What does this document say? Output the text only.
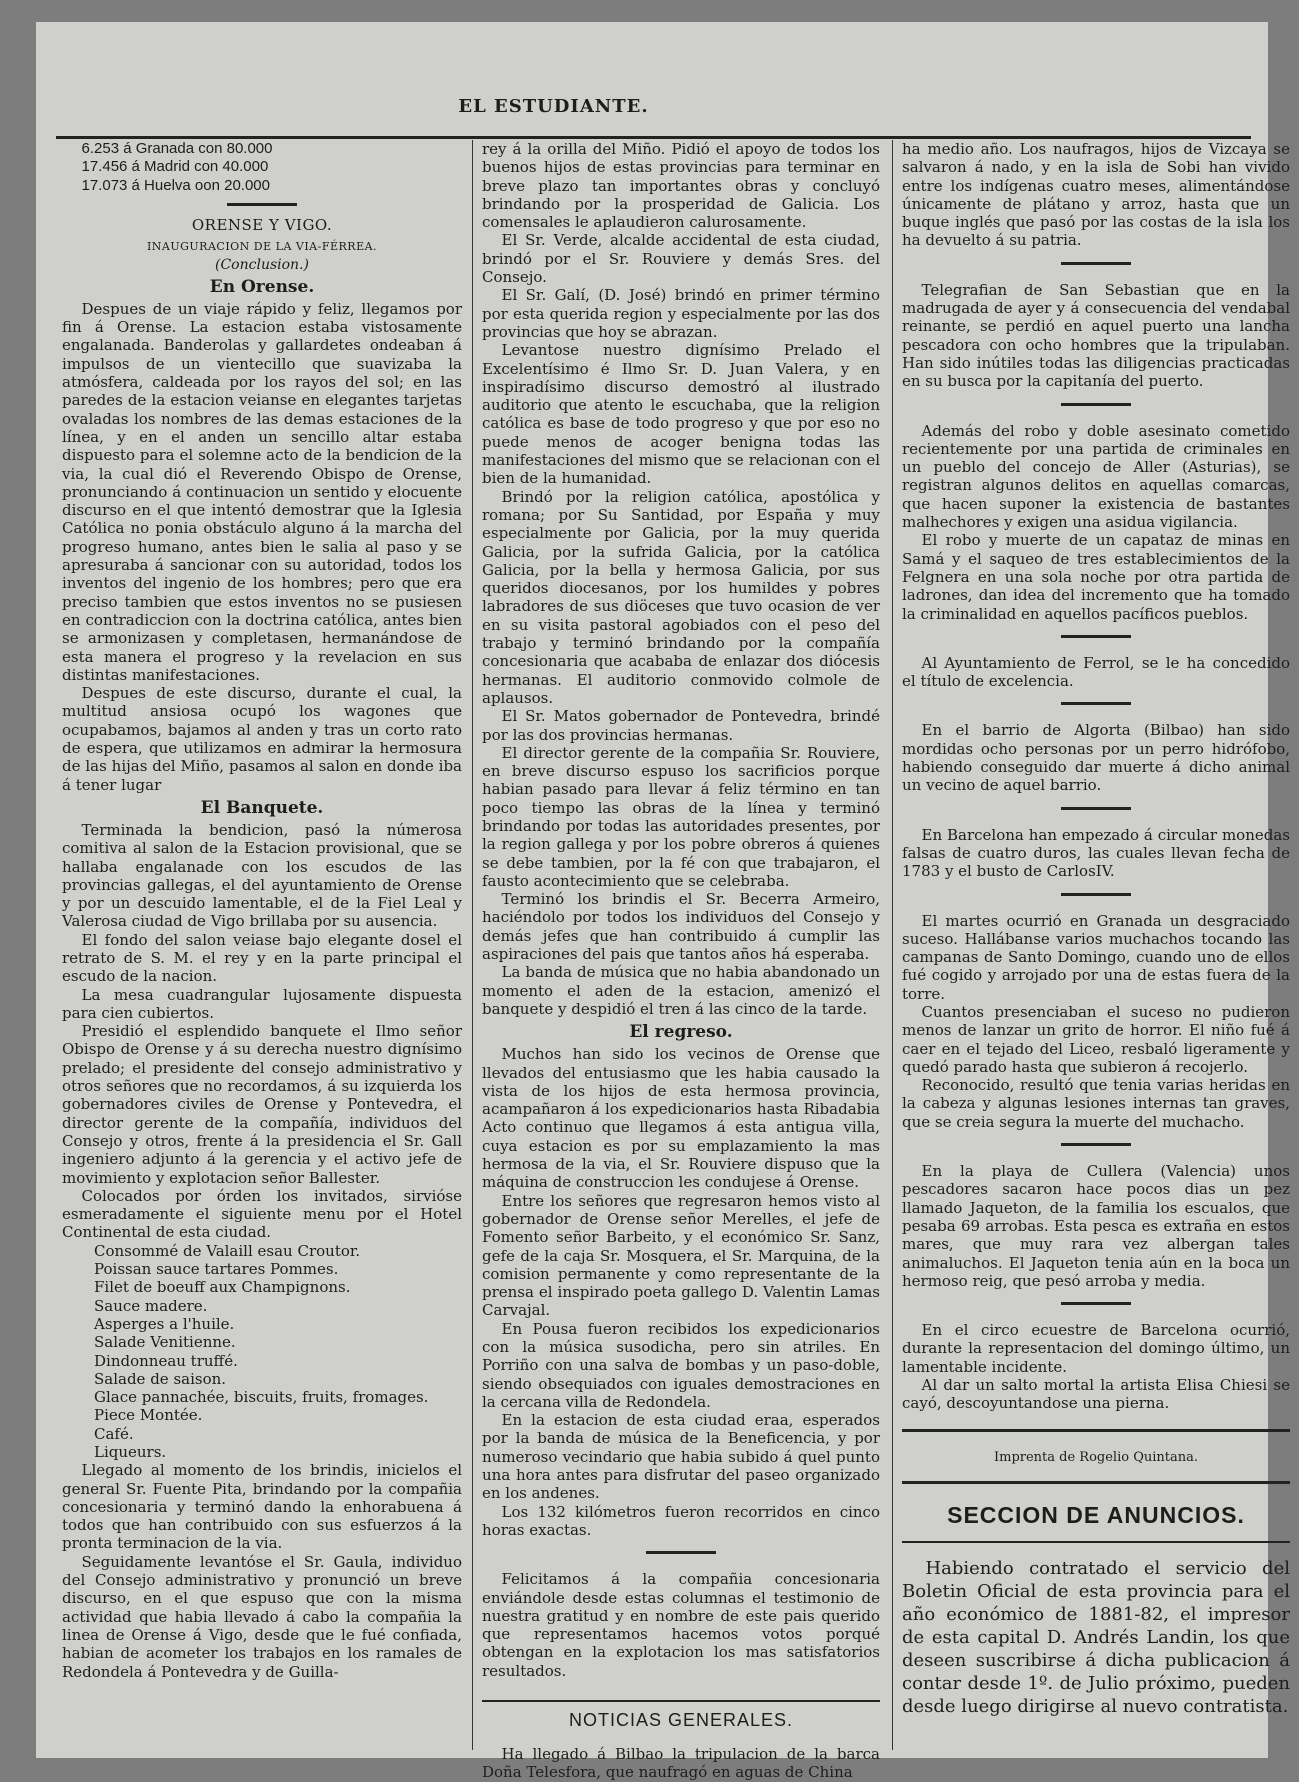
EL ESTUDIANTE.

6.253 á Granada con 80.000

17.456 á Madrid con 40.000

17.073 á Huelva oon 20.000

ORENSE Y VIGO.
INAUGURACION DE LA VIA-FÉRREA.
(Conclusion.)
En Orense.

Despues de un viaje rápido y feliz, llegamos por fin á Orense. La estacion estaba vistosamente engalanada. Banderolas y gallardetes ondeaban á impulsos de un vientecillo que suavizaba la atmósfera, caldeada por los rayos del sol; en las paredes de la estacion veianse en elegantes tarjetas ovaladas los nombres de las demas estaciones de la línea, y en el anden un sencillo altar estaba dispuesto para el solemne acto de la bendicion de la via, la cual dió el Reverendo Obispo de Orense, pronunciando á continuacion un sentido y elocuente discurso en el que intentó demostrar que la Iglesia Católica no ponia obstáculo alguno á la marcha del progreso humano, antes bien le salia al paso y se apresuraba á sancionar con su autoridad, todos los inventos del ingenio de los hombres; pero que era preciso tambien que estos inventos no se pusiesen en contradiccion con la doctrina católica, antes bien se armonizasen y completasen, hermanándose de esta manera el progreso y la revelacion en sus distintas manifestaciones.

Despues de este discurso, durante el cual, la multitud ansiosa ocupó los wagones que ocupabamos, bajamos al anden y tras un corto rato de espera, que utilizamos en admirar la hermosura de las hijas del Miño, pasamos al salon en donde iba á tener lugar

El Banquete.

Terminada la bendicion, pasó la númerosa comitiva al salon de la Estacion provisional, que se hallaba engalanade con los escudos de las provincias gallegas, el del ayuntamiento de Orense y por un descuido lamentable, el de la Fiel Leal y Valerosa ciudad de Vigo brillaba por su ausencia.

El fondo del salon veiase bajo elegante dosel el retrato de S. M. el rey y en la parte principal el escudo de la nacion.

La mesa cuadrangular lujosamente dispuesta para cien cubiertos.

Presidió el esplendido banquete el Ilmo señor Obispo de Orense y á su derecha nuestro dignísimo prelado; el presidente del consejo administrativo y otros señores que no recordamos, á su izquierda los gobernadores civiles de Orense y Pontevedra, el director gerente de la compañía, individuos del Consejo y otros, frente á la presidencia el Sr. Gall ingeniero adjunto á la gerencia y el activo jefe de movimiento y explotacion señor Ballester.

Colocados por órden los invitados, sirvióse esmeradamente el siguiente menu por el Hotel Continental de esta ciudad.

Consommé de Valaill esau Croutor.
Poissan sauce tartares Pommes.
Filet de boeuff aux Champignons.
Sauce madere.
Asperges a l'huile.
Salade Venitienne.
Dindonneau truffé.
Salade de saison.
Glace pannachée, biscuits, fruits, fromages.
Piece Montée.
Café.
Liqueurs.

Llegado al momento de los brindis, inicielos el general Sr. Fuente Pita, brindando por la compañia concesionaria y terminó dando la enhorabuena á todos que han contribuido con sus esfuerzos á la pronta terminacion de la via.

Seguidamente levantóse el Sr. Gaula, individuo del Consejo administrativo y pronunció un breve discurso, en el que espuso que con la misma actividad que habia llevado á cabo la compañia la linea de Orense á Vigo, desde que le fué confiada, habian de acometer los trabajos en los ramales de Redondela á Pontevedra y de Guilla-

rey á la orilla del Miño. Pidió el apoyo de todos los buenos hijos de estas provincias para terminar en breve plazo tan importantes obras y concluyó brindando por la prosperidad de Galicia. Los comensales le aplaudieron calurosamente.

El Sr. Verde, alcalde accidental de esta ciudad, brindó por el Sr. Rouviere y demás Sres. del Consejo.

El Sr. Galí, (D. José) brindó en primer término por esta querida region y especialmente por las dos provincias que hoy se abrazan.

Levantose nuestro dignísimo Prelado el Excelentísimo é Ilmo Sr. D. Juan Valera, y en inspiradísimo discurso demostró al ilustrado auditorio que atento le escuchaba, que la religion católica es base de todo progreso y que por eso no puede menos de acoger benigna todas las manifestaciones del mismo que se relacionan con el bien de la humanidad.

Brindó por la religion católica, apostólica y romana; por Su Santidad, por España y muy especialmente por Galicia, por la muy querida Galicia, por la sufrida Galicia, por la católica Galicia, por la bella y hermosa Galicia, por sus queridos diocesanos, por los humildes y pobres labradores de sus diöceses que tuvo ocasion de ver en su visita pastoral agobiados con el peso del trabajo y terminó brindando por la compañía concesionaria que acababa de enlazar dos diócesis hermanas. El auditorio conmovido colmole de aplausos.

El Sr. Matos gobernador de Pontevedra, brindé por las dos provincias hermanas.

El director gerente de la compañia Sr. Rouviere, en breve discurso espuso los sacrificios porque habian pasado para llevar á feliz término en tan poco tiempo las obras de la línea y terminó brindando por todas las autoridades presentes, por la region gallega y por los pobre obreros á quienes se debe tambien, por la fé con que trabajaron, el fausto acontecimiento que se celebraba.

Terminó los brindis el Sr. Becerra Armeiro, haciéndolo por todos los individuos del Consejo y demás jefes que han contribuido á cumplir las aspiraciones del pais que tantos años há esperaba.

La banda de música que no habia abandonado un momento el aden de la estacion, amenizó el banquete y despidió el tren á las cinco de la tarde.

El regreso.

Muchos han sido los vecinos de Orense que llevados del entusiasmo que les habia causado la vista de los hijos de esta hermosa provincia, acampañaron á los expedicionarios hasta Ribadabia Acto continuo que llegamos á esta antigua villa, cuya estacion es por su emplazamiento la mas hermosa de la via, el Sr. Rouviere dispuso que la máquina de construccion les condujese á Orense.

Entre los señores que regresaron hemos visto al gobernador de Orense señor Merelles, el jefe de Fomento señor Barbeito, y el económico Sr. Sanz, gefe de la caja Sr. Mosquera, el Sr. Marquina, de la comision permanente y como representante de la prensa el inspirado poeta gallego D. Valentin Lamas Carvajal.

En Pousa fueron recibidos los expedicionarios con la música susodicha, pero sin atriles. En Porriño con una salva de bombas y un paso-doble, siendo obsequiados con iguales demostraciones en la cercana villa de Redondela.

En la estacion de esta ciudad eraa, esperados por la banda de música de la Beneficencia, y por numeroso vecindario que habia subido á quel punto una hora antes para disfrutar del paseo organizado en los andenes.

Los 132 kilómetros fueron recorridos en cinco horas exactas.

Felicitamos á la compañia concesionaria enviándole desde estas columnas el testimonio de nuestra gratitud y en nombre de este pais querido que representamos hacemos votos porqué obtengan en la explotacion los mas satisfatorios resultados.

NOTICIAS GENERALES.

Ha llegado á Bilbao la tripulacion de la barca Doña Telesfora, que naufragó en aguas de China

ha medio año. Los naufragos, hijos de Vizcaya se salvaron á nado, y en la isla de Sobi han vivido entre los indígenas cuatro meses, alimentándose únicamente de plátano y arroz, hasta que un buque inglés que pasó por las costas de la isla los ha devuelto á su patria.

Telegrafian de San Sebastian que en la madrugada de ayer y á consecuencia del vendabal reinante, se perdió en aquel puerto una lancha pescadora con ocho hombres que la tripulaban. Han sido inútiles todas las diligencias practicadas en su busca por la capitanía del puerto.

Además del robo y doble asesinato cometido recientemente por una partida de criminales en un pueblo del concejo de Aller (Asturias), se registran algunos delitos en aquellas comarcas, que hacen suponer la existencia de bastantes malhechores y exigen una asidua vigilancia.

El robo y muerte de un capataz de minas en Samá y el saqueo de tres establecimientos de la Felgnera en una sola noche por otra partida de ladrones, dan idea del incremento que ha tomado la criminalidad en aquellos pacíficos pueblos.

Al Ayuntamiento de Ferrol, se le ha concedido el título de excelencia.

En el barrio de Algorta (Bilbao) han sido mordidas ocho personas por un perro hidrófobo, habiendo conseguido dar muerte á dicho animal un vecino de aquel barrio.

En Barcelona han empezado á circular monedas falsas de cuatro duros, las cuales llevan fecha de 1783 y el busto de CarlosIV.

El martes ocurrió en Granada un desgraciado suceso. Hallábanse varios muchachos tocando las campanas de Santo Domingo, cuando uno de ellos fué cogido y arrojado por una de estas fuera de la torre.

Cuantos presenciaban el suceso no pudieron menos de lanzar un grito de horror. El niño fué á caer en el tejado del Liceo, resbaló ligeramente y quedó parado hasta que subieron á recojerlo.

Reconocido, resultó que tenia varias heridas en la cabeza y algunas lesiones internas tan graves, que se creia segura la muerte del muchacho.

En la playa de Cullera (Valencia) unos pescadores sacaron hace pocos dias un pez llamado Jaqueton, de la familia los escualos, que pesaba 69 arrobas. Esta pesca es extraña en estos mares, que muy rara vez albergan tales animaluchos. El Jaqueton tenia aún en la boca un hermoso reig, que pesó arroba y media.

En el circo ecuestre de Barcelona ocurrió, durante la representacion del domingo último, un lamentable incidente.

Al dar un salto mortal la artista Elisa Chiesi se cayó, descoyuntandose una pierna.

Imprenta de Rogelio Quintana.
SECCION DE ANUNCIOS.

Habiendo contratado el servicio del Boletin Oficial de esta provincia para el año económico de 1881-82, el impresor de esta capital D. Andrés Landin, los que deseen suscribirse á dicha publicacion á contar desde 1º. de Julio próximo, pueden desde luego dirigirse al nuevo contratista.
